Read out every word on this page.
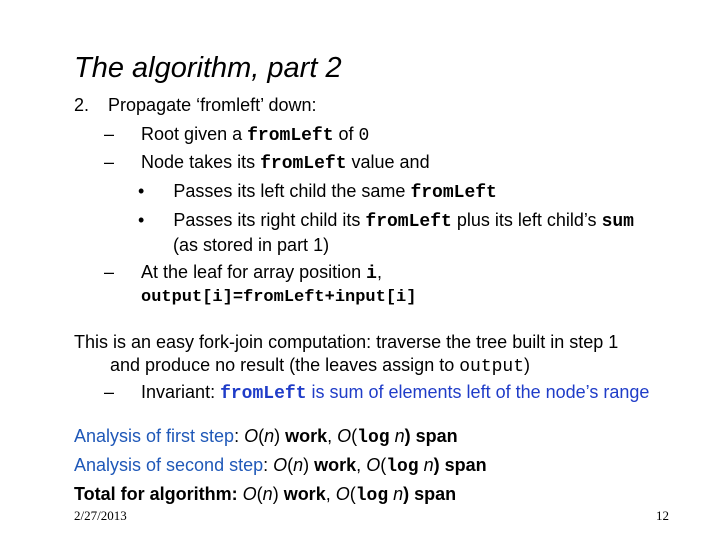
The algorithm, part 2
2. Propagate ‘fromleft’ down:
– Root given a fromLeft of 0
– Node takes its fromLeft value and
• Passes its left child the same fromLeft
• Passes its right child its fromLeft plus its left child’s sum
(as stored in part 1)
– At the leaf for array position i,
output[i]=fromLeft+input[i]
This is an easy fork-join computation: traverse the tree built in step 1
and produce no result (the leaves assign to output)
– Invariant: fromLeft is sum of elements left of the node’s range
Analysis of first step: O(n) work, O(log n) span
Analysis of second step: O(n) work, O(log n) span
Total for algorithm: O(n) work, O(log n) span
2/27/2013	12
